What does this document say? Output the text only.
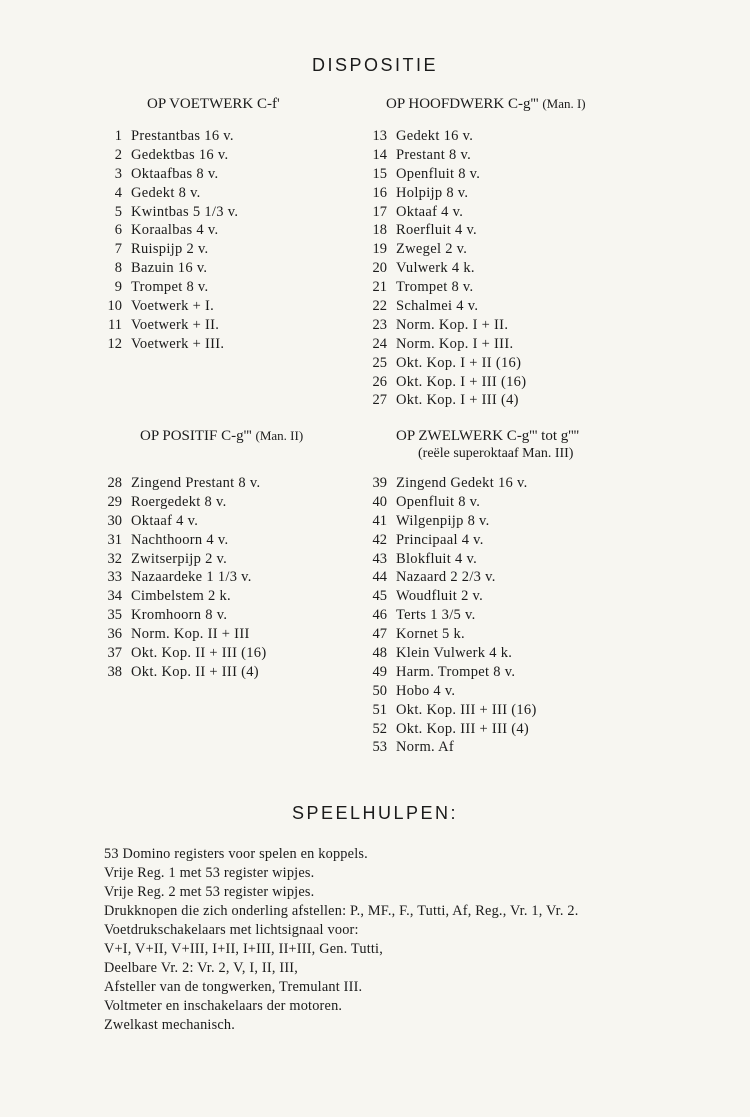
DISPOSITIE
OP VOETWERK C-f'
1 Prestantbas 16 v.
2 Gedektbas 16 v.
3 Oktaafbas 8 v.
4 Gedekt 8 v.
5 Kwintbas 5 1/3 v.
6 Koraalbas 4 v.
7 Ruispijp 2 v.
8 Bazuin 16 v.
9 Trompet 8 v.
10 Voetwerk + I.
11 Voetwerk + II.
12 Voetwerk + III.
OP HOOFDWERK C-g''' (Man. I)
13 Gedekt 16 v.
14 Prestant 8 v.
15 Openfluit 8 v.
16 Holpijp 8 v.
17 Oktaaf 4 v.
18 Roerfluit 4 v.
19 Zwegel 2 v.
20 Vulwerk 4 k.
21 Trompet 8 v.
22 Schalmei 4 v.
23 Norm. Kop. I + II.
24 Norm. Kop. I + III.
25 Okt. Kop. I + II (16)
26 Okt. Kop. I + III (16)
27 Okt. Kop. I + III (4)
OP POSITIF C-g''' (Man. II)
28 Zingend Prestant 8 v.
29 Roergedekt 8 v.
30 Oktaaf 4 v.
31 Nachthoorn 4 v.
32 Zwitserpijp 2 v.
33 Nazaardeke 1 1/3 v.
34 Cimbelstem 2 k.
35 Kromhoorn 8 v.
36 Norm. Kop. II + III
37 Okt. Kop. II + III (16)
38 Okt. Kop. II + III (4)
OP ZWELWERK C-g''' tot g''''
(reële superoktaaf Man. III)
39 Zingend Gedekt 16 v.
40 Openfluit 8 v.
41 Wilgenpijp 8 v.
42 Principaal 4 v.
43 Blokfluit 4 v.
44 Nazaard 2 2/3 v.
45 Woudfluit 2 v.
46 Terts 1 3/5 v.
47 Kornet 5 k.
48 Klein Vulwerk 4 k.
49 Harm. Trompet 8 v.
50 Hobo 4 v.
51 Okt. Kop. III + III (16)
52 Okt. Kop. III + III (4)
53 Norm. Af
SPEELHULPEN:
53 Domino registers voor spelen en koppels.
Vrije Reg. 1 met 53 register wipjes.
Vrije Reg. 2 met 53 register wipjes.
Drukknopen die zich onderling afstellen: P., MF., F., Tutti, Af, Reg., Vr. 1, Vr. 2.
Voetdrukschakelaars met lichtsignaal voor:
V+I, V+II, V+III, I+II, I+III, II+III, Gen. Tutti,
Deelbare Vr. 2: Vr. 2, V, I, II, III,
Afsteller van de tongwerken, Tremulant III.
Voltmeter en inschakelaars der motoren.
Zwelkast mechanisch.
